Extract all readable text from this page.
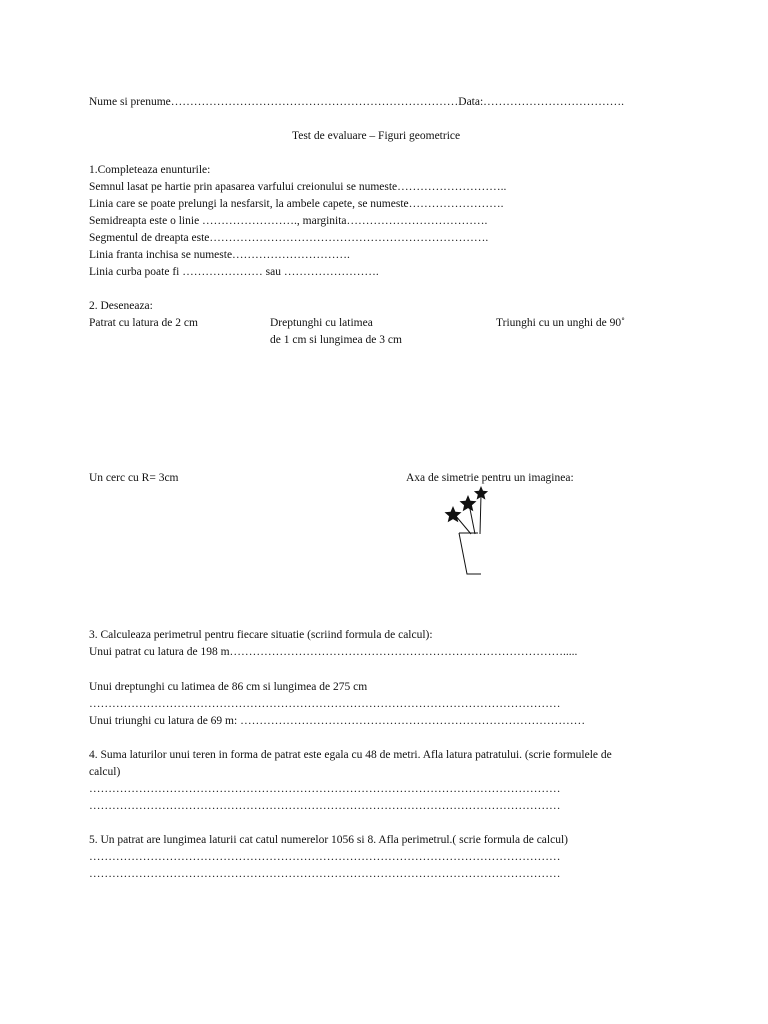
Nume si prenume…………………………………………………………………Data:……………………………….
Test de evaluare – Figuri geometrice
1.Completeaza enunturile:
Semnul lasat pe hartie prin apasarea varfului creionului se numeste………………………..
Linia care se poate prelungi la nesfarsit, la ambele capete, se numeste…………………….
Semidreapta este o linie ……………………., marginita……………………………….
Segmentul de dreapta este……………………………………………………………….
Linia franta inchisa se numeste………………………….
Linia curba poate fi ………………… sau …………………….
2. Deseneaza:
Patrat cu latura de 2 cm	Dreptunghi cu latimea
de 1 cm si lungimea de 3 cm
Triunghi cu un unghi de 90˚
Un cerc cu R= 3cm	Axa de simetrie pentru un imaginea:
3. Calculeaza perimetrul pentru fiecare situatie (scriind formula de calcul):
Unui patrat cu latura de 198 m…………………………………………………………………………….....
Unui dreptunghi cu latimea de 86 cm si lungimea de 275 cm
……………………………………………………………………………………………………………
Unui triunghi cu latura de 69 m: ………………………………………………………………………………
4. Suma laturilor unui teren in forma de patrat este egala cu 48 de metri. Afla latura patratului. (scrie formulele de
calcul)
……………………………………………………………………………………………………………
……………………………………………………………………………………………………………
5. Un patrat are lungimea laturii cat catul numerelor 1056 si 8. Afla perimetrul.( scrie formula de calcul)
……………………………………………………………………………………………………………
……………………………………………………………………………………………………………
